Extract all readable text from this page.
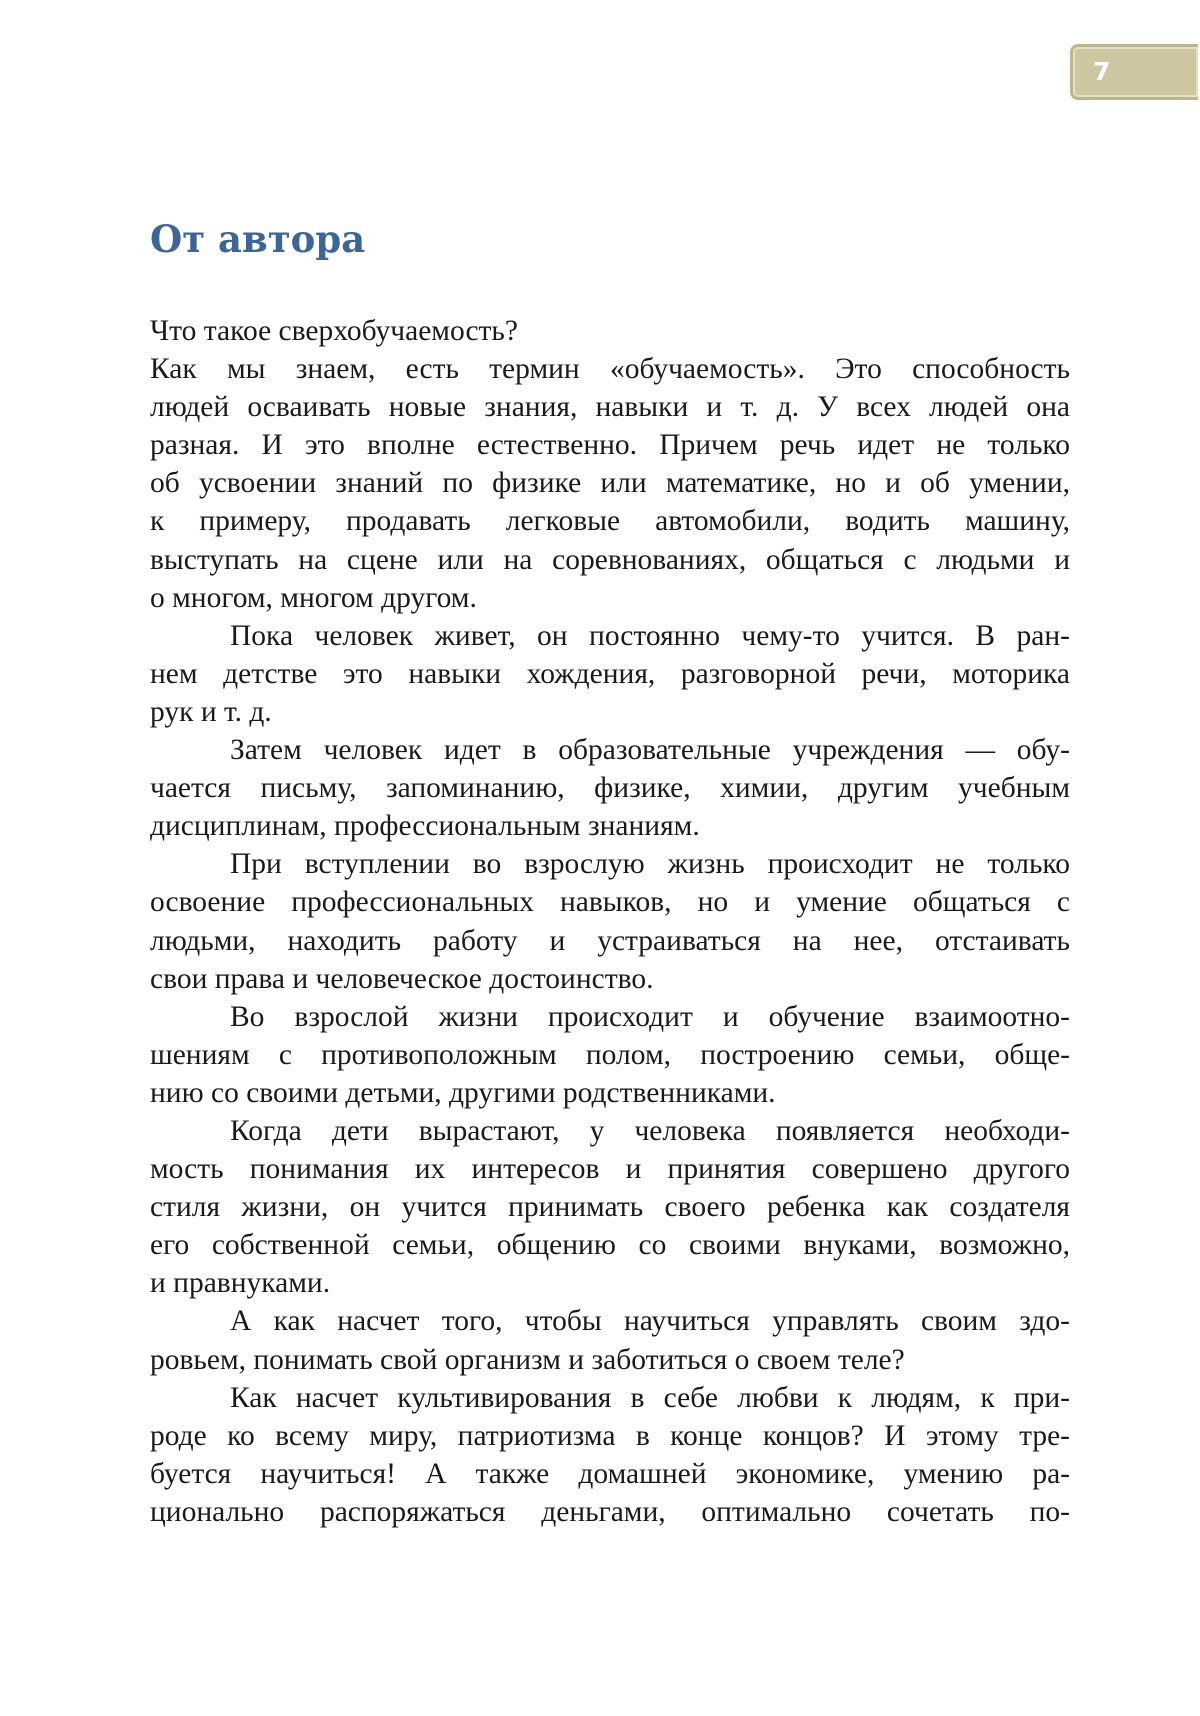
7
От автора
Что такое сверхобучаемость?
Как мы знаем, есть термин «обучаемость». Это способность
людей осваивать новые знания, навыки и т. д. У всех людей она
разная. И это вполне естественно. Причем речь идет не только
об усвоении знаний по физике или математике, но и об умении,
к примеру, продавать легковые автомобили, водить машину,
выступать на сцене или на соревнованиях, общаться с людьми и
о многом, многом другом.
Пока человек живет, он постоянно чему-то учится. В ран-
нем детстве это навыки хождения, разговорной речи, моторика
рук и т. д.
Затем человек идет в образовательные учреждения — обу-
чается письму, запоминанию, физике, химии, другим учебным
дисциплинам, профессиональным знаниям.
При вступлении во взрослую жизнь происходит не только
освоение профессиональных навыков, но и умение общаться с
людьми, находить работу и устраиваться на нее, отстаивать
свои права и человеческое достоинство.
Во взрослой жизни происходит и обучение взаимоотно-
шениям с противоположным полом, построению семьи, обще-
нию со своими детьми, другими родственниками.
Когда дети вырастают, у человека появляется необходи-
мость понимания их интересов и принятия совершено другого
стиля жизни, он учится принимать своего ребенка как создателя
его собственной семьи, общению со своими внуками, возможно,
и правнуками.
А как насчет того, чтобы научиться управлять своим здо-
ровьем, понимать свой организм и заботиться о своем теле?
Как насчет культивирования в себе любви к людям, к при-
роде ко всему миру, патриотизма в конце концов? И этому тре-
буется научиться! А также домашней экономике, умению ра-
ционально распоряжаться деньгами, оптимально сочетать по-
